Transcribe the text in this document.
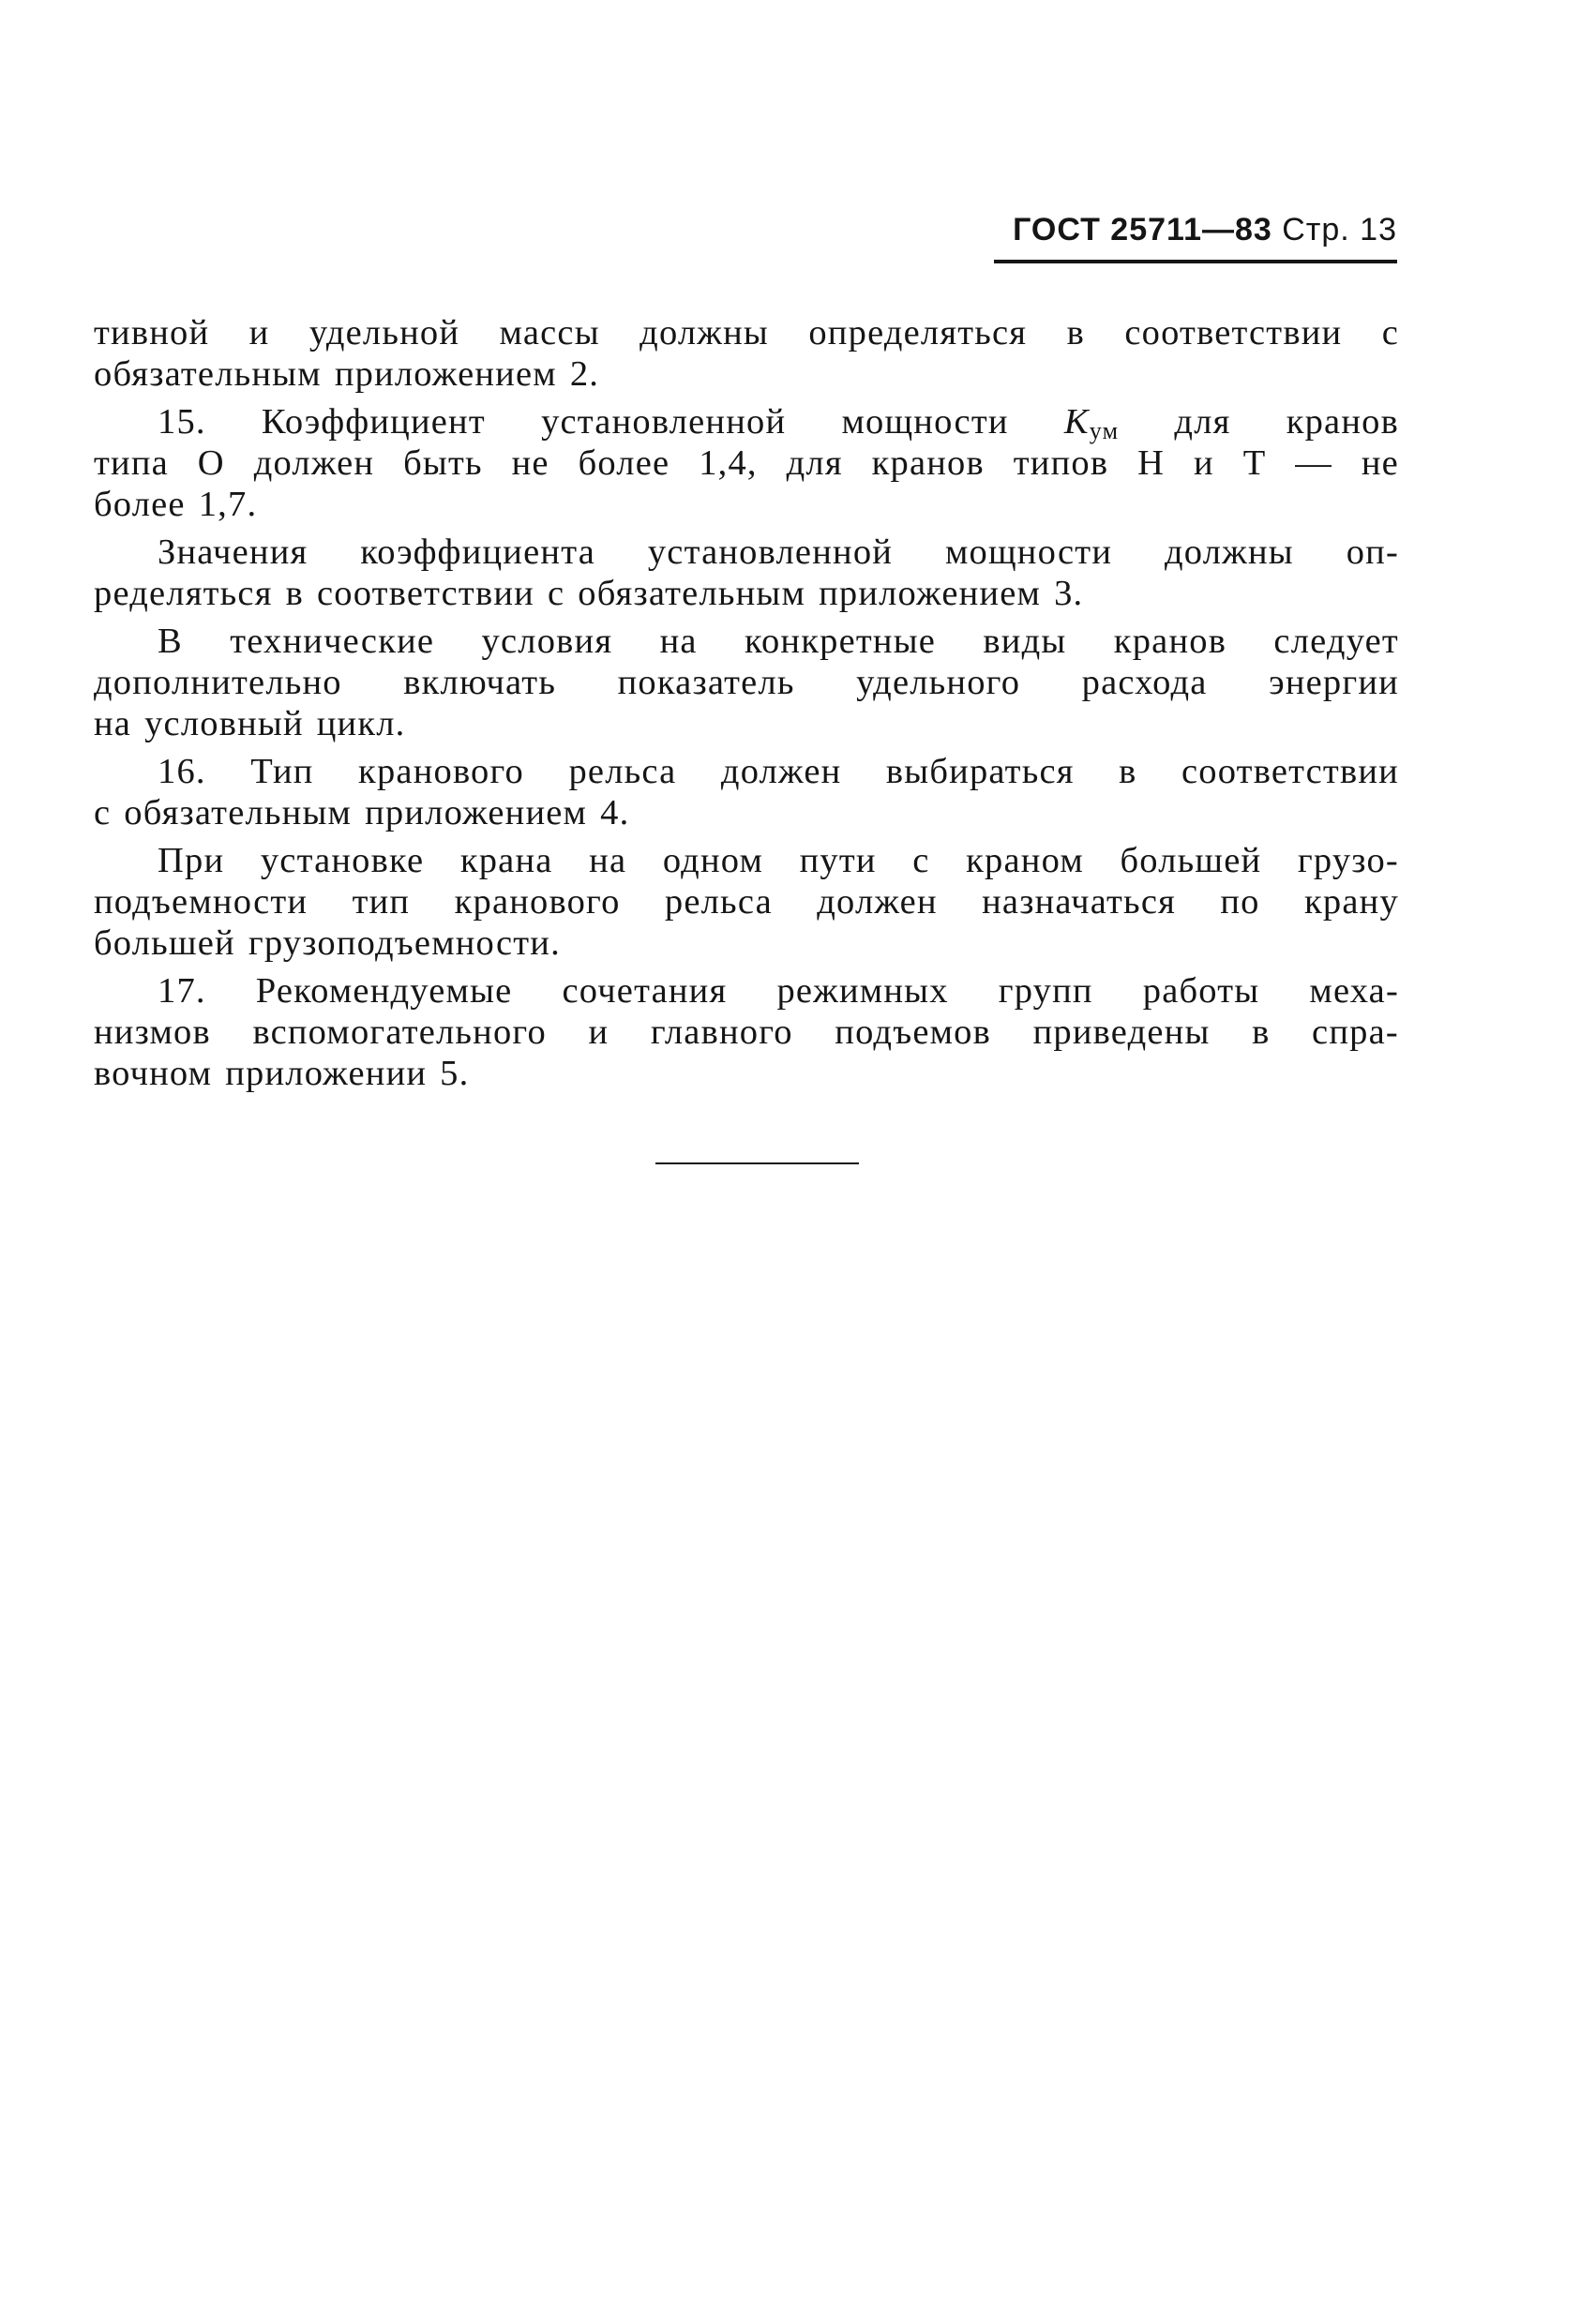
ГОСТ 25711—83 Стр. 13
тивной и удельной массы должны определяться в соответствии с
обязательным приложением 2.
15. Коэффициент установленной мощности $K_{ум}$ для кранов
типа О должен быть не более 1,4, для кранов типов Н и Т — не
более 1,7.
Значения коэффициента установленной мощности должны оп-
ределяться в соответствии с обязательным приложением 3.
В технические условия на конкретные виды кранов следует
дополнительно включать показатель удельного расхода энергии
на условный цикл.
16. Тип кранового рельса должен выбираться в соответствии
с обязательным приложением 4.
При установке крана на одном пути с краном большей грузо-
подъемности тип кранового рельса должен назначаться по крану
большей грузоподъемности.
17. Рекомендуемые сочетания режимных групп работы меха-
низмов вспомогательного и главного подъемов приведены в спра-
вочном приложении 5.
